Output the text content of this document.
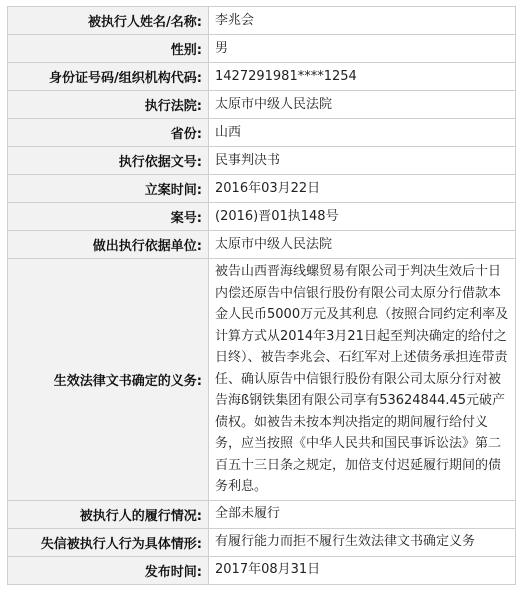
被执行人姓名/名称:	李兆会
性别:	男
身份证号码/组织机构代码:	1427291981****1254
执行法院:	太原市中级人民法院
省份:	山西
执行依据文号:	民事判决书
立案时间:	2016年03月22日
案号:	(2016)晋01执148号
做出执行依据单位:	太原市中级人民法院
生效法律文书确定的义务:	被告山西晋海线螺贸易有限公司于判决生效后十日内偿还原告中信银行股份有限公司太原分行借款本金人民币5000万元及其利息（按照合同约定利率及计算方式从2014年3月21日起至判决确定的给付之日终）、被告李兆会、石红军对上述债务承担连带责任、确认原告中信银行股份有限公司太原分行对被告海ß钢铁集团有限公司享有53624844.45元破产债权。如被告未按本判决指定的期间履行给付义务，应当按照《中华人民共和国民事诉讼法》第二百五十三日条之规定，加倍支付迟延履行期间的债务利息。
被执行人的履行情况:	全部未履行
失信被执行人行为具体情形:	有履行能力而拒不履行生效法律文书确定义务
发布时间:	2017年08月31日
